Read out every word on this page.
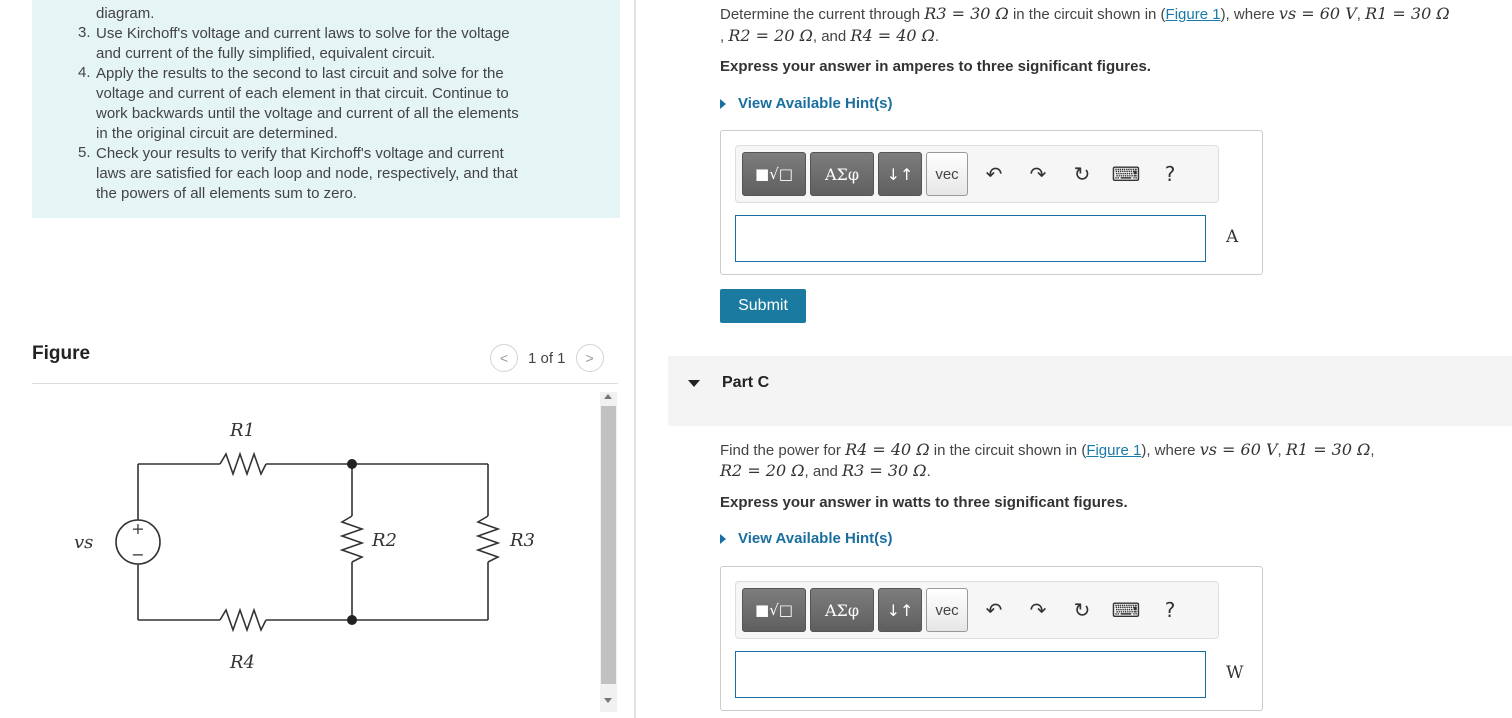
diagram.
3. Use Kirchoff's voltage and current laws to solve for the voltage
and current of the fully simplified, equivalent circuit.
4. Apply the results to the second to last circuit and solve for the
voltage and current of each element in that circuit. Continue to
work backwards until the voltage and current of all the elements
in the original circuit are determined.
5. Check your results to verify that Kirchoff's voltage and current
laws are satisfied for each loop and node, respectively, and that
the powers of all elements sum to zero.
Figure	< 1 of 1 >
+
−
vs
R1
R2	R3
R4
Determine the current through R3 = 30 Ω in the circuit shown in (Figure 1), where vs = 60 V, R1 = 30 Ω
, R2 = 20 Ω, and R4 = 40 Ω.
Express your answer in amperes to three significant figures.
View Available Hint(s)
■√□	ΑΣφ	↓↑	vec	↶	↷	↻	⌨	?
A
Submit
Part C
Find the power for R4 = 40 Ω in the circuit shown in (Figure 1), where vs = 60 V, R1 = 30 Ω,
R2 = 20 Ω, and R3 = 30 Ω.
Express your answer in watts to three significant figures.
View Available Hint(s)
■√□	ΑΣφ	↓↑	vec	↶	↷	↻	⌨	?
W
